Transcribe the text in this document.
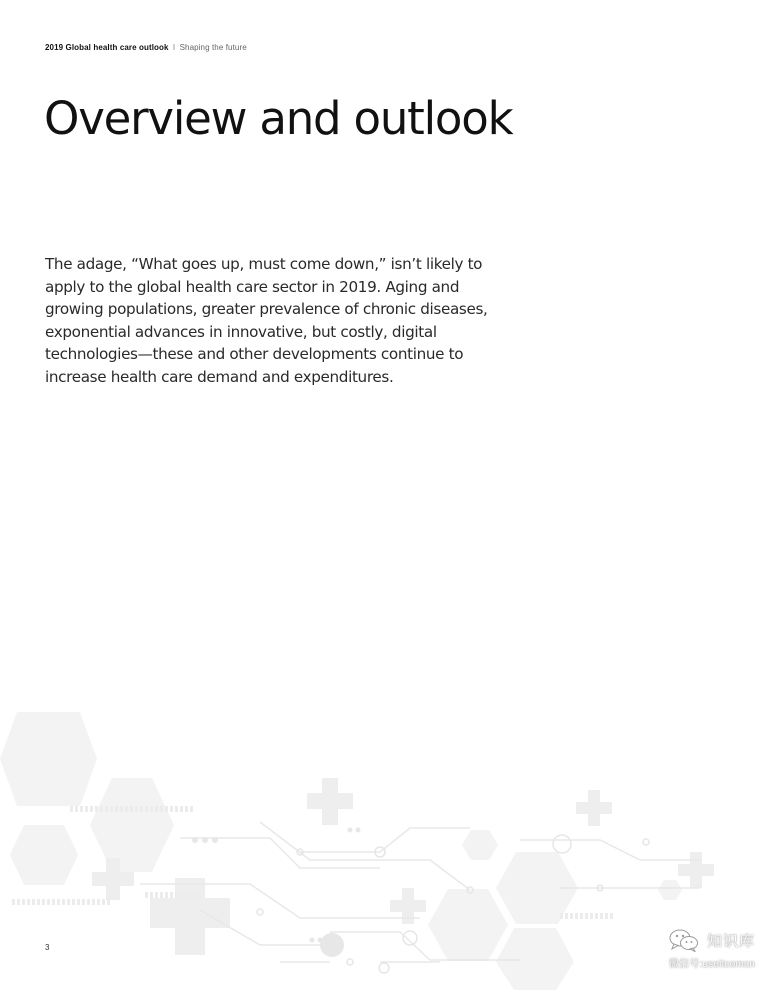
2019 Global health care outlook I Shaping the future
Overview and outlook

The adage, “What goes up, must come down,” isn’t likely to apply to the global health care sector in 2019. Aging and growing populations, greater prevalence of chronic diseases, exponential advances in innovative, but costly, digital technologies—these and other developments continue to increase health care demand and expenditures.

3	知识库
微信号:useitcomcn
